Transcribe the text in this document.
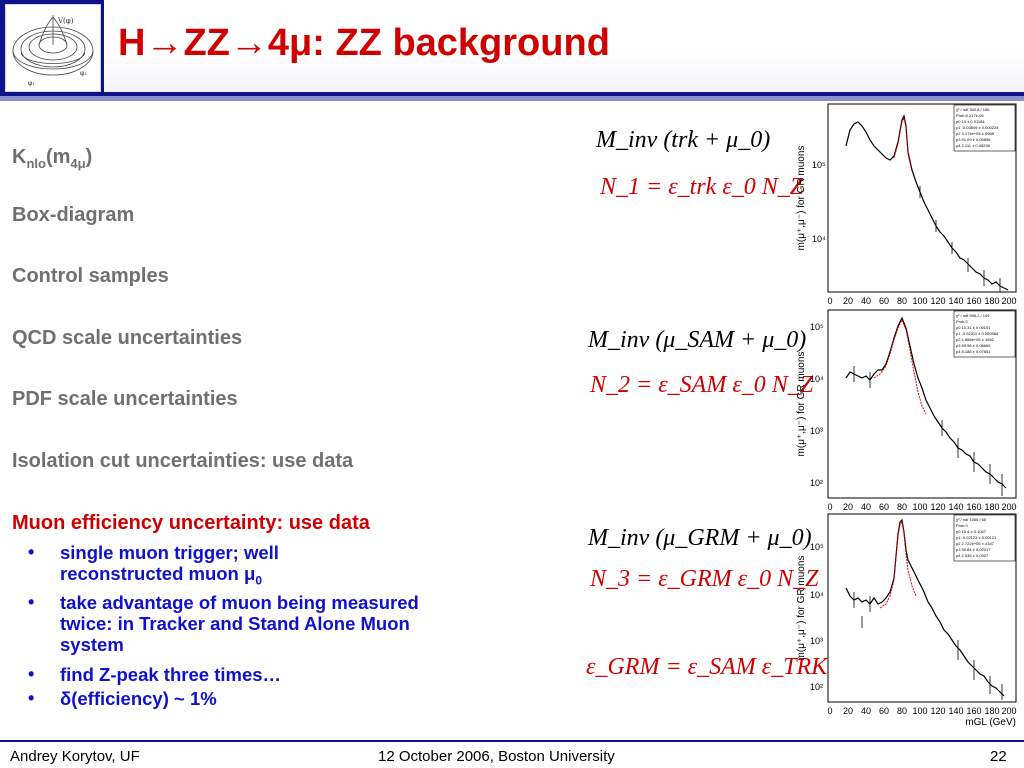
V(φ)
φ₂
φ₁
H→ZZ→4μ: ZZ background
$K_{nlo}(m_{4\mu})$
Box-diagram
Control samples
QCD scale uncertainties
PDF scale uncertainties
Isolation cut uncertainties: use data
Muon efficiency uncertainty: use data
• single muon trigger; well reconstructed muon $\mu_0$
• take advantage of muon being measured twice: in Tracker and Stand Alone Muon system
• find Z-peak three times…
• δ(efficiency) ~ 1%
M_inv (trk + μ_0)
N_1 = ε_trk ε_0 N_Z
M_inv (μ_SAM + μ_0)
N_2 = ε_SAM ε_0 N_Z
M_inv (μ_GRM + μ_0)
N_3 = ε_GRM ε_0 N_Z
ε_GRM = ε_SAM ε_TRK
m(μ⁺,μ⁻) for GR muons 10⁵
10⁴
0 20 40 60 80 100 120 140 160 180 200
χ² / ndf 342.8 / 156
Prob 8.217e-06
p0 14 ± 0.01184
p1 -0.03849 ± 0.000224
p2 3.174e+05 ± 6968
p3 91.09 ± 0.05696
p4 2.111 ± 0.05238
m(μ⁺,μ⁻) for GR muons
10⁵
10⁴
10³
10²
0 20 40 60 80 100 120 140 160 180 200
χ² / ndf 596.2 / 149
Prob 0
p0 10.31 ± 0.05101
p1 -0.02311 ± 0.000584
p2 1.668e+05 ± 1552
p3 89.96 ± 0.06665
p4 8.188 ± 0.07651
m(μ⁺,μ⁻) for GR muons
10⁵
10⁴
10³
10²
0 20 40 60 80 100 120 140 160 180 200
mGL (GeV)
χ² / ndf 1065 / 65
Prob 0
p0 10.4 ± 0.1047
p1 -0.02123 ± 0.00121
p2 2.722e+05 ± 4347
p3 90.84 ± 0.02017
p4 2.535 ± 0.0307
Andrey Korytov, UF	12 October 2006, Boston University	22
